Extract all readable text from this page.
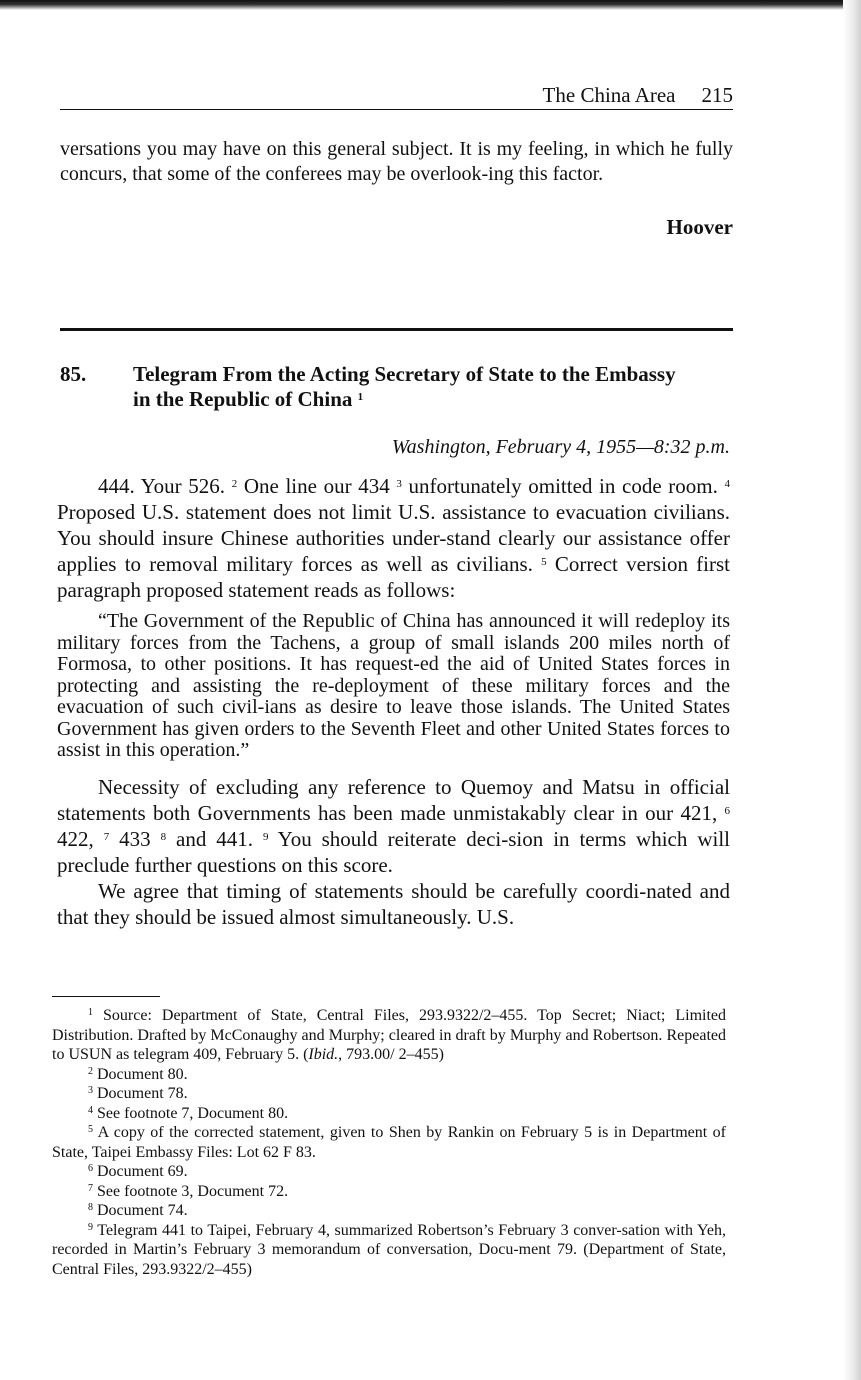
The China Area 215
versations you may have on this general subject. It is my feeling, in which he fully concurs, that some of the conferees may be overlook-ing this factor.
Hoover
85. Telegram From the Acting Secretary of State to the Embassy in the Republic of China $^1$
Washington, February 4, 1955—8:32 p.m.

444. Your 526. $^2$ One line our 434 $^3$ unfortunately omitted in code room. $^4$ Proposed U.S. statement does not limit U.S. assistance to evacuation civilians. You should insure Chinese authorities under-stand clearly our assistance offer applies to removal military forces as well as civilians. $^5$ Correct version first paragraph proposed statement reads as follows:

“The Government of the Republic of China has announced it will redeploy its military forces from the Tachens, a group of small islands 200 miles north of Formosa, to other positions. It has request-ed the aid of United States forces in protecting and assisting the re-deployment of these military forces and the evacuation of such civil-ians as desire to leave those islands. The United States Government has given orders to the Seventh Fleet and other United States forces to assist in this operation.”

Necessity of excluding any reference to Quemoy and Matsu in official statements both Governments has been made unmistakably clear in our 421, $^6$ 422, $^7$ 433 $^8$ and 441. $^9$ You should reiterate deci-sion in terms which will preclude further questions on this score.

We agree that timing of statements should be carefully coordi-nated and that they should be issued almost simultaneously. U.S.

$^1$ Source: Department of State, Central Files, 293.9322/2–455. Top Secret; Niact; Limited Distribution. Drafted by McConaughy and Murphy; cleared in draft by Murphy and Robertson. Repeated to USUN as telegram 409, February 5. (Ibid., 793.00/ 2–455)

$^2$ Document 80.

$^3$ Document 78.

$^4$ See footnote 7, Document 80.

$^5$ A copy of the corrected statement, given to Shen by Rankin on February 5 is in Department of State, Taipei Embassy Files: Lot 62 F 83.

$^6$ Document 69.

$^7$ See footnote 3, Document 72.

$^8$ Document 74.

$^9$ Telegram 441 to Taipei, February 4, summarized Robertson’s February 3 conver-sation with Yeh, recorded in Martin’s February 3 memorandum of conversation, Docu-ment 79. (Department of State, Central Files, 293.9322/2–455)
